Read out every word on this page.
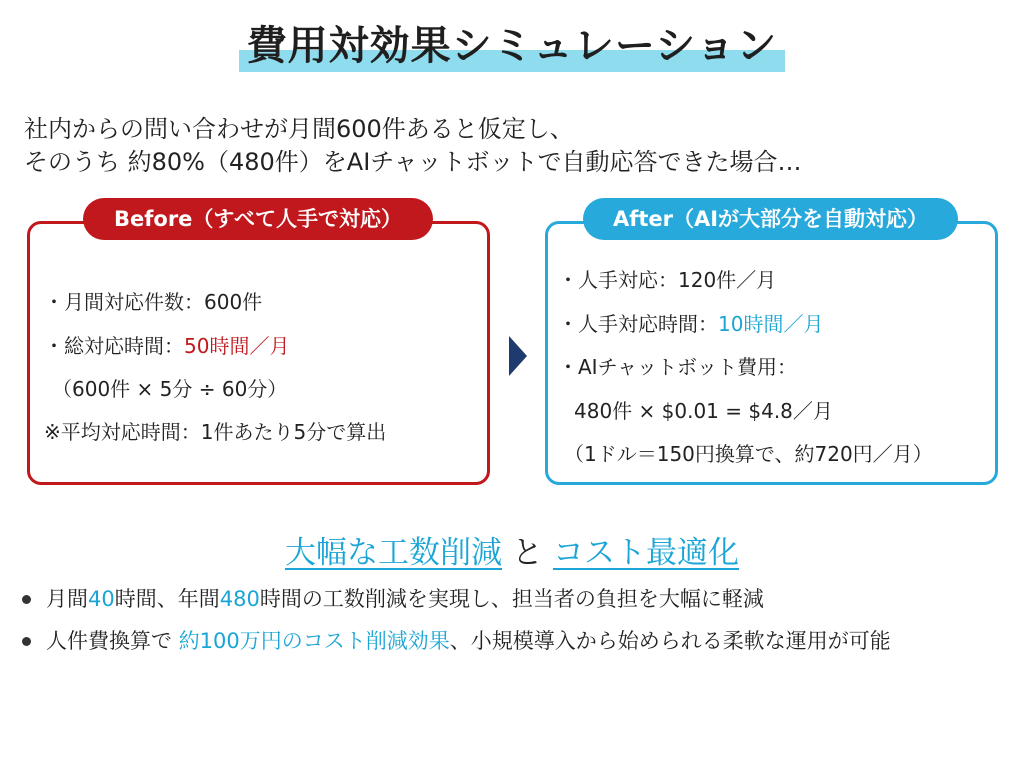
費用対効果シミュレーション
社内からの問い合わせが月間600件あると仮定し、
そのうち 約80%（480件）をAIチャットボットで自動応答できた場合…
Before（すべて人手で対応）
・月間対応件数：600件
・総対応時間：50時間／月
（600件 × 5分 ÷ 60分）
※平均対応時間：1件あたり5分で算出
After（AIが大部分を自動対応）
・人手対応：120件／月
・人手対応時間：10時間／月
・AIチャットボット費用：
480件 × $0.01 = $4.8／月
（1ドル＝150円換算で、約720円／月）
大幅な工数削減 と コスト最適化
月間40時間、年間480時間の工数削減を実現し、担当者の負担を大幅に軽減
人件費換算で 約100万円のコスト削減効果、小規模導入から始められる柔軟な運用が可能
